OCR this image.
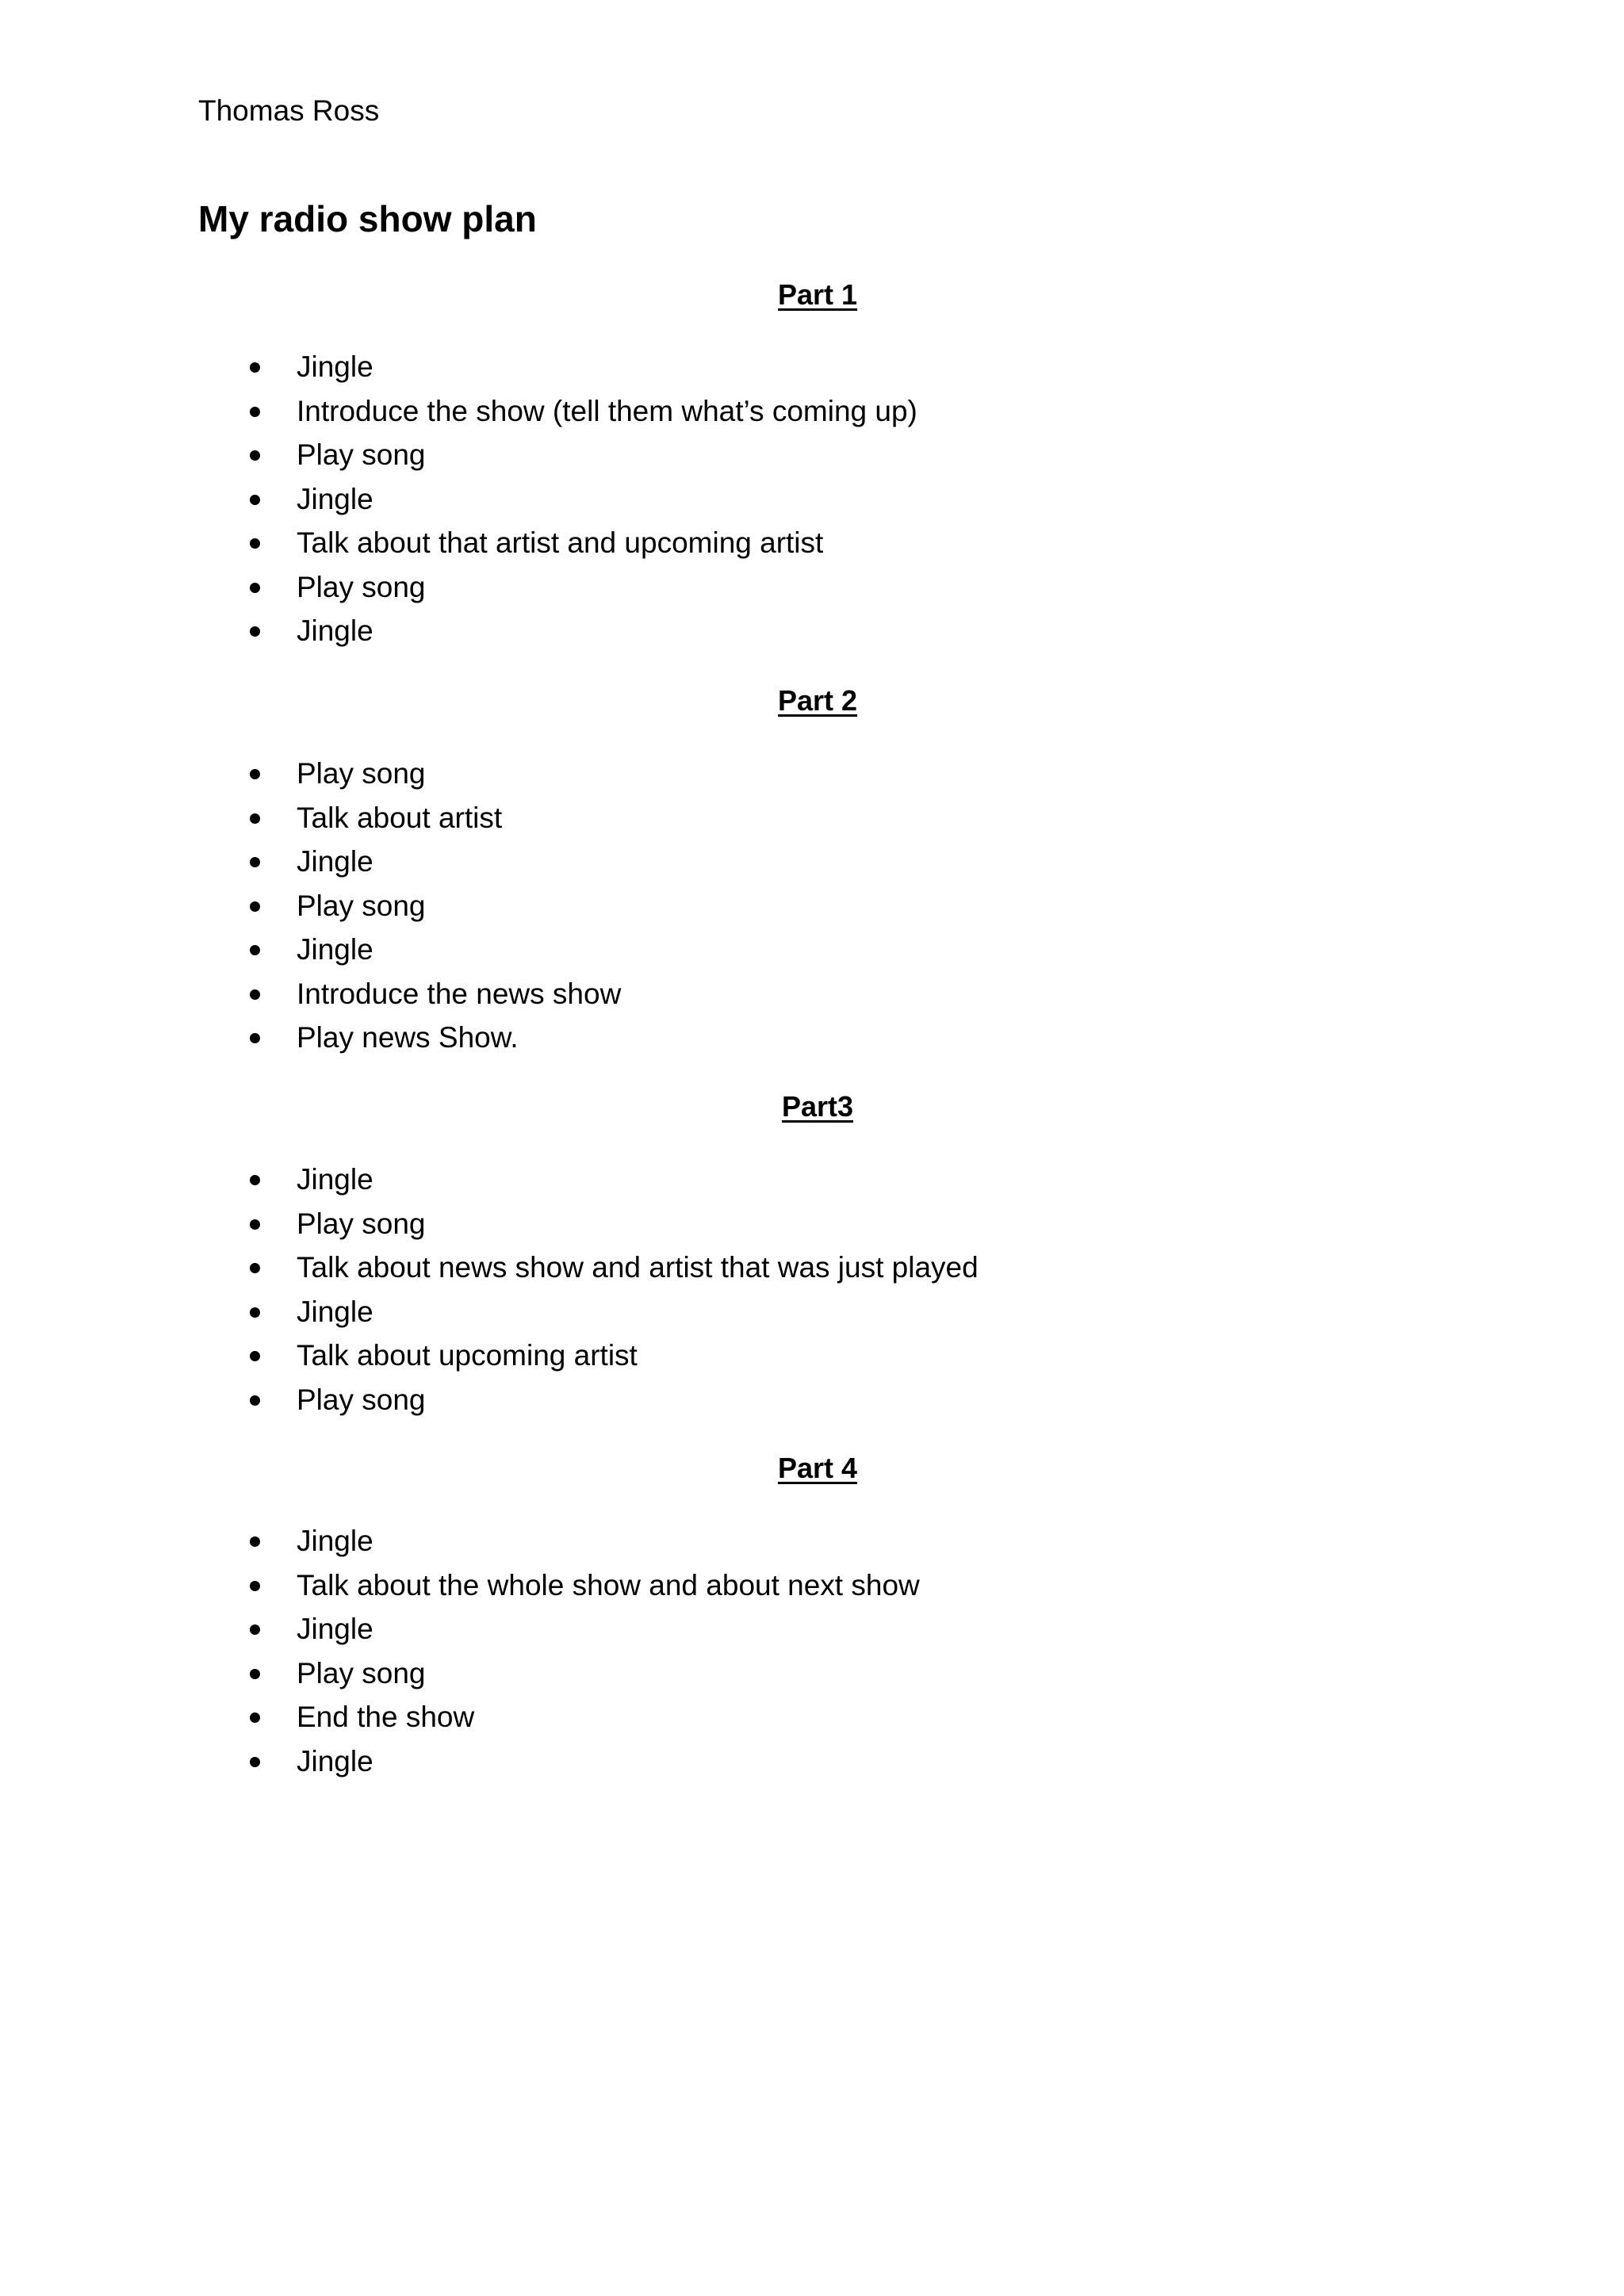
Thomas Ross
My radio show plan
Part 1
Jingle
Introduce the show (tell them what’s coming up)
Play song
Jingle
Talk about that artist and upcoming artist
Play song
Jingle
Part 2
Play song
Talk about artist
Jingle
Play song
Jingle
Introduce the news show
Play news Show.
Part3
Jingle
Play song
Talk about news show and artist that was just played
Jingle
Talk about upcoming artist
Play song
Part 4
Jingle
Talk about the whole show and about next show
Jingle
Play song
End the show
Jingle
